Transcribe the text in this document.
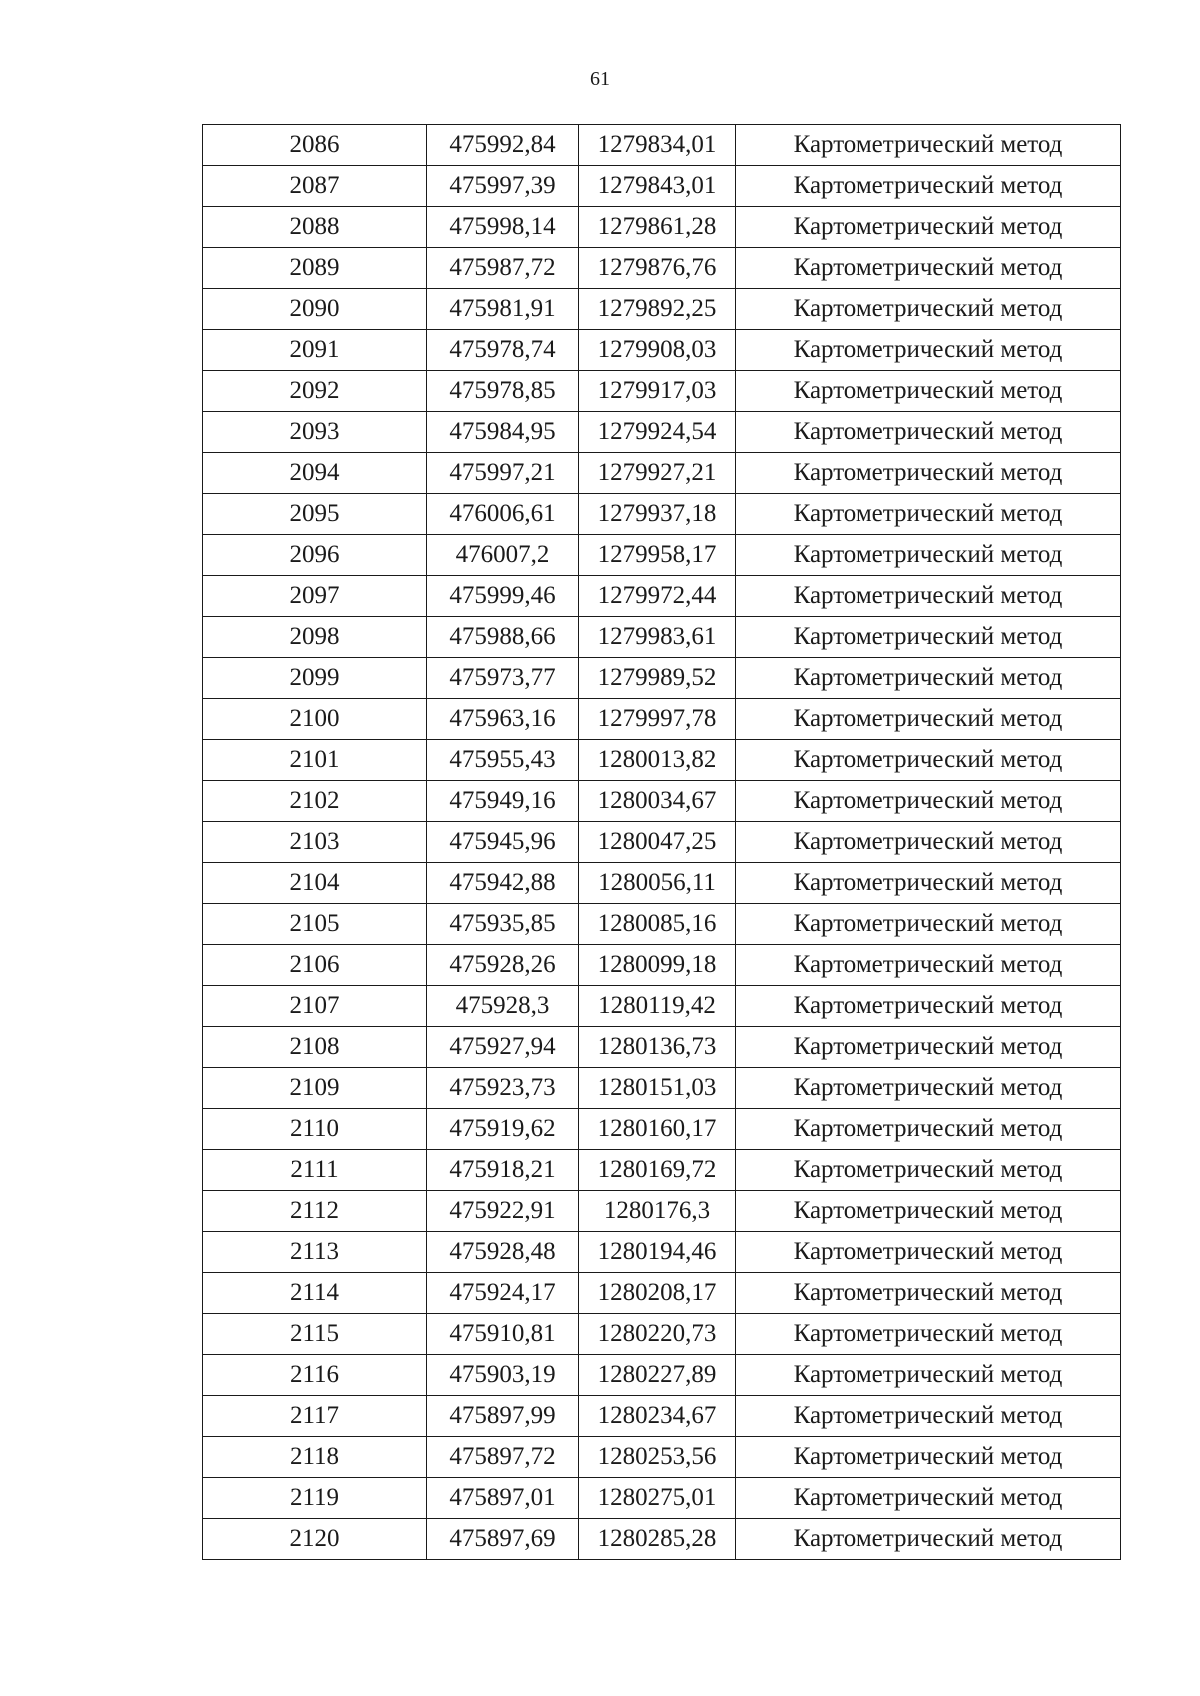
61
2086	475992,84	1279834,01	Картометрический метод
2087	475997,39	1279843,01	Картометрический метод
2088	475998,14	1279861,28	Картометрический метод
2089	475987,72	1279876,76	Картометрический метод
2090	475981,91	1279892,25	Картометрический метод
2091	475978,74	1279908,03	Картометрический метод
2092	475978,85	1279917,03	Картометрический метод
2093	475984,95	1279924,54	Картометрический метод
2094	475997,21	1279927,21	Картометрический метод
2095	476006,61	1279937,18	Картометрический метод
2096	476007,2	1279958,17	Картометрический метод
2097	475999,46	1279972,44	Картометрический метод
2098	475988,66	1279983,61	Картометрический метод
2099	475973,77	1279989,52	Картометрический метод
2100	475963,16	1279997,78	Картометрический метод
2101	475955,43	1280013,82	Картометрический метод
2102	475949,16	1280034,67	Картометрический метод
2103	475945,96	1280047,25	Картометрический метод
2104	475942,88	1280056,11	Картометрический метод
2105	475935,85	1280085,16	Картометрический метод
2106	475928,26	1280099,18	Картометрический метод
2107	475928,3	1280119,42	Картометрический метод
2108	475927,94	1280136,73	Картометрический метод
2109	475923,73	1280151,03	Картометрический метод
2110	475919,62	1280160,17	Картометрический метод
2111	475918,21	1280169,72	Картометрический метод
2112	475922,91	1280176,3	Картометрический метод
2113	475928,48	1280194,46	Картометрический метод
2114	475924,17	1280208,17	Картометрический метод
2115	475910,81	1280220,73	Картометрический метод
2116	475903,19	1280227,89	Картометрический метод
2117	475897,99	1280234,67	Картометрический метод
2118	475897,72	1280253,56	Картометрический метод
2119	475897,01	1280275,01	Картометрический метод
2120	475897,69	1280285,28	Картометрический метод
